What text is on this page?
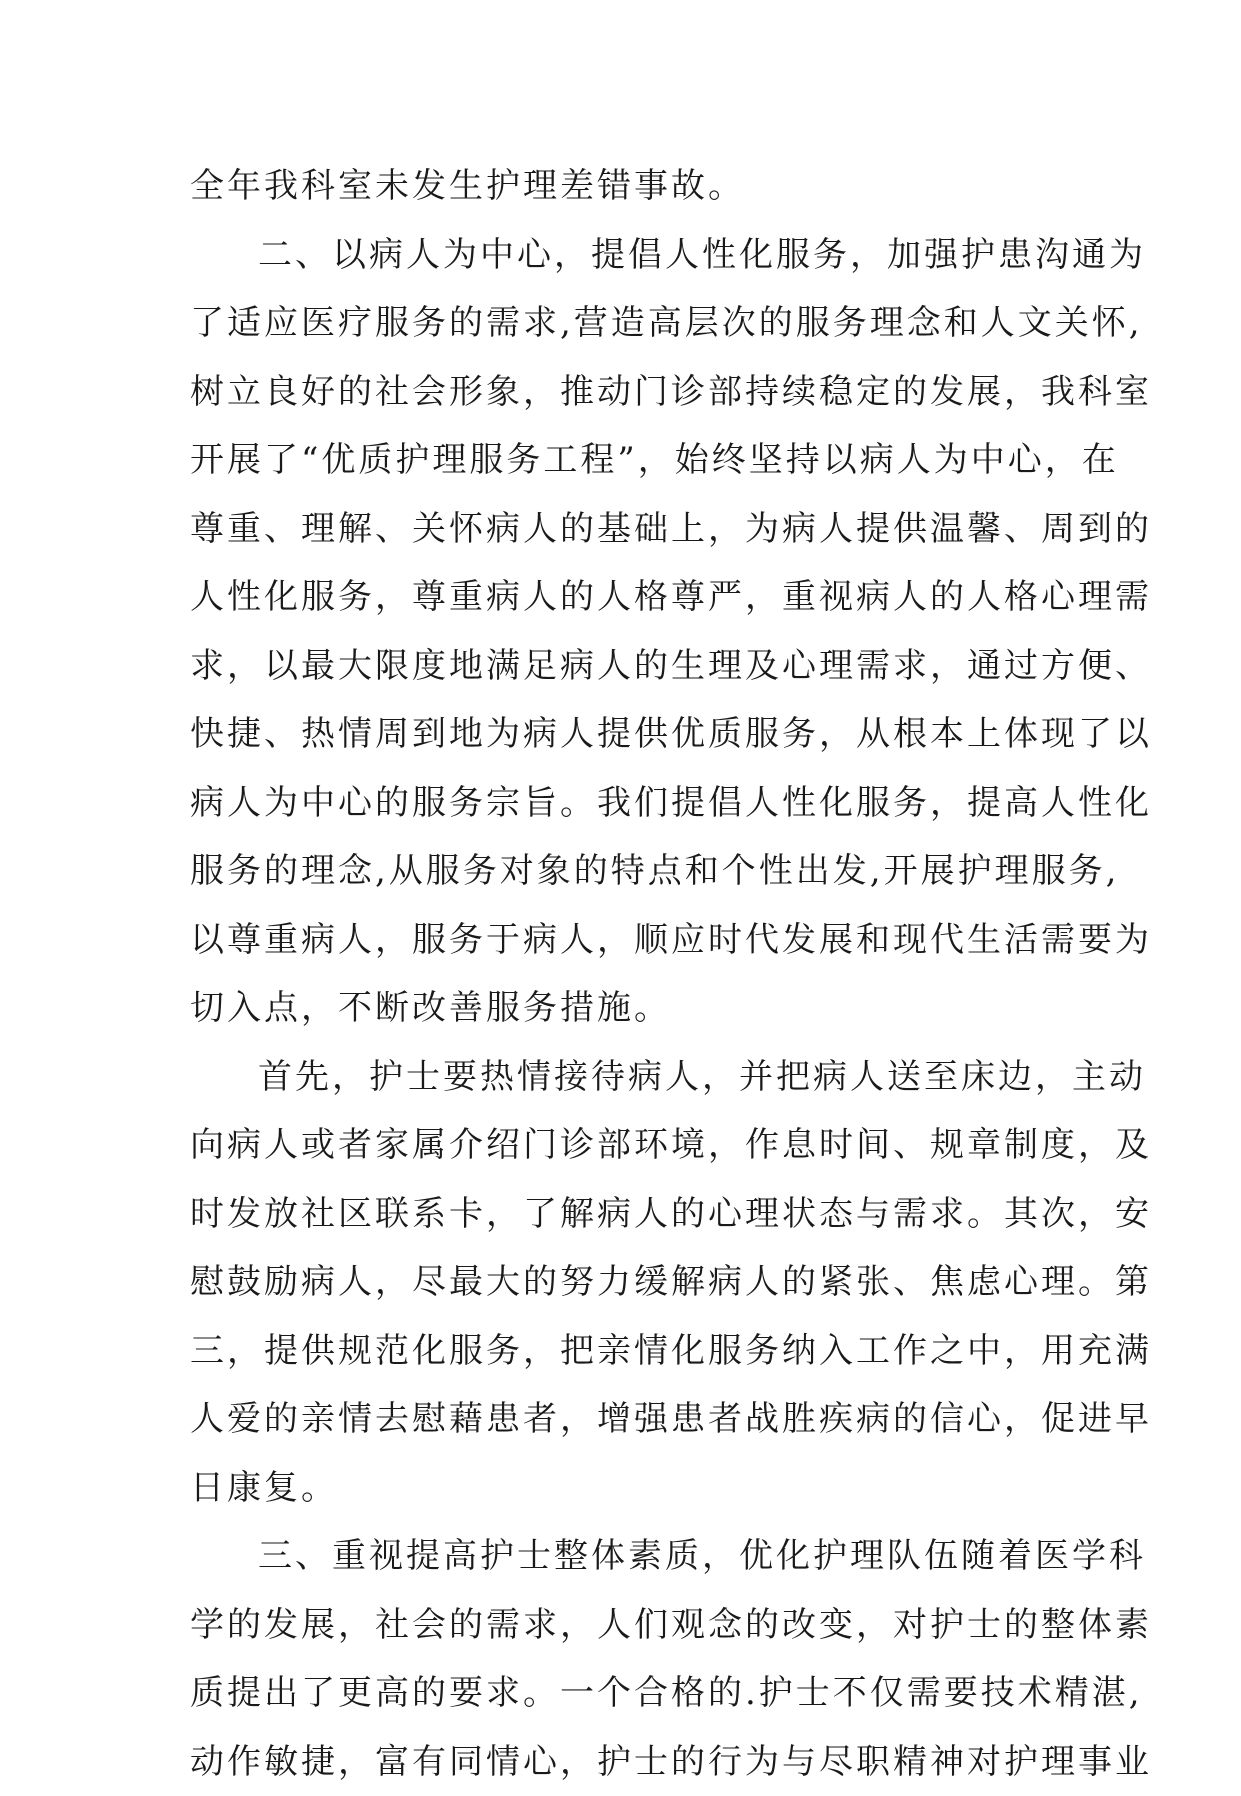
全年我科室未发生护理差错事故。
二、以病人为中心，提倡人性化服务，加强护患沟通为
了适应医疗服务的需求,营造高层次的服务理念和人文关怀,
树立良好的社会形象，推动门诊部持续稳定的发展，我科室
开展了“优质护理服务工程”，始终坚持以病人为中心，在
尊重、理解、关怀病人的基础上，为病人提供温馨、周到的
人性化服务，尊重病人的人格尊严，重视病人的人格心理需
求，以最大限度地满足病人的生理及心理需求，通过方便、
快捷、热情周到地为病人提供优质服务，从根本上体现了以
病人为中心的服务宗旨。我们提倡人性化服务，提高人性化
服务的理念,从服务对象的特点和个性出发,开展护理服务,
以尊重病人，服务于病人，顺应时代发展和现代生活需要为
切入点，不断改善服务措施。
首先，护士要热情接待病人，并把病人送至床边，主动
向病人或者家属介绍门诊部环境，作息时间、规章制度，及
时发放社区联系卡，了解病人的心理状态与需求。其次，安
慰鼓励病人，尽最大的努力缓解病人的紧张、焦虑心理。第
三，提供规范化服务，把亲情化服务纳入工作之中，用充满
人爱的亲情去慰藉患者，增强患者战胜疾病的信心，促进早
日康复。
三、重视提高护士整体素质，优化护理队伍随着医学科
学的发展，社会的需求，人们观念的改变，对护士的整体素
质提出了更高的要求。一个合格的.护士不仅需要技术精湛,
动作敏捷，富有同情心，护士的行为与尽职精神对护理事业
